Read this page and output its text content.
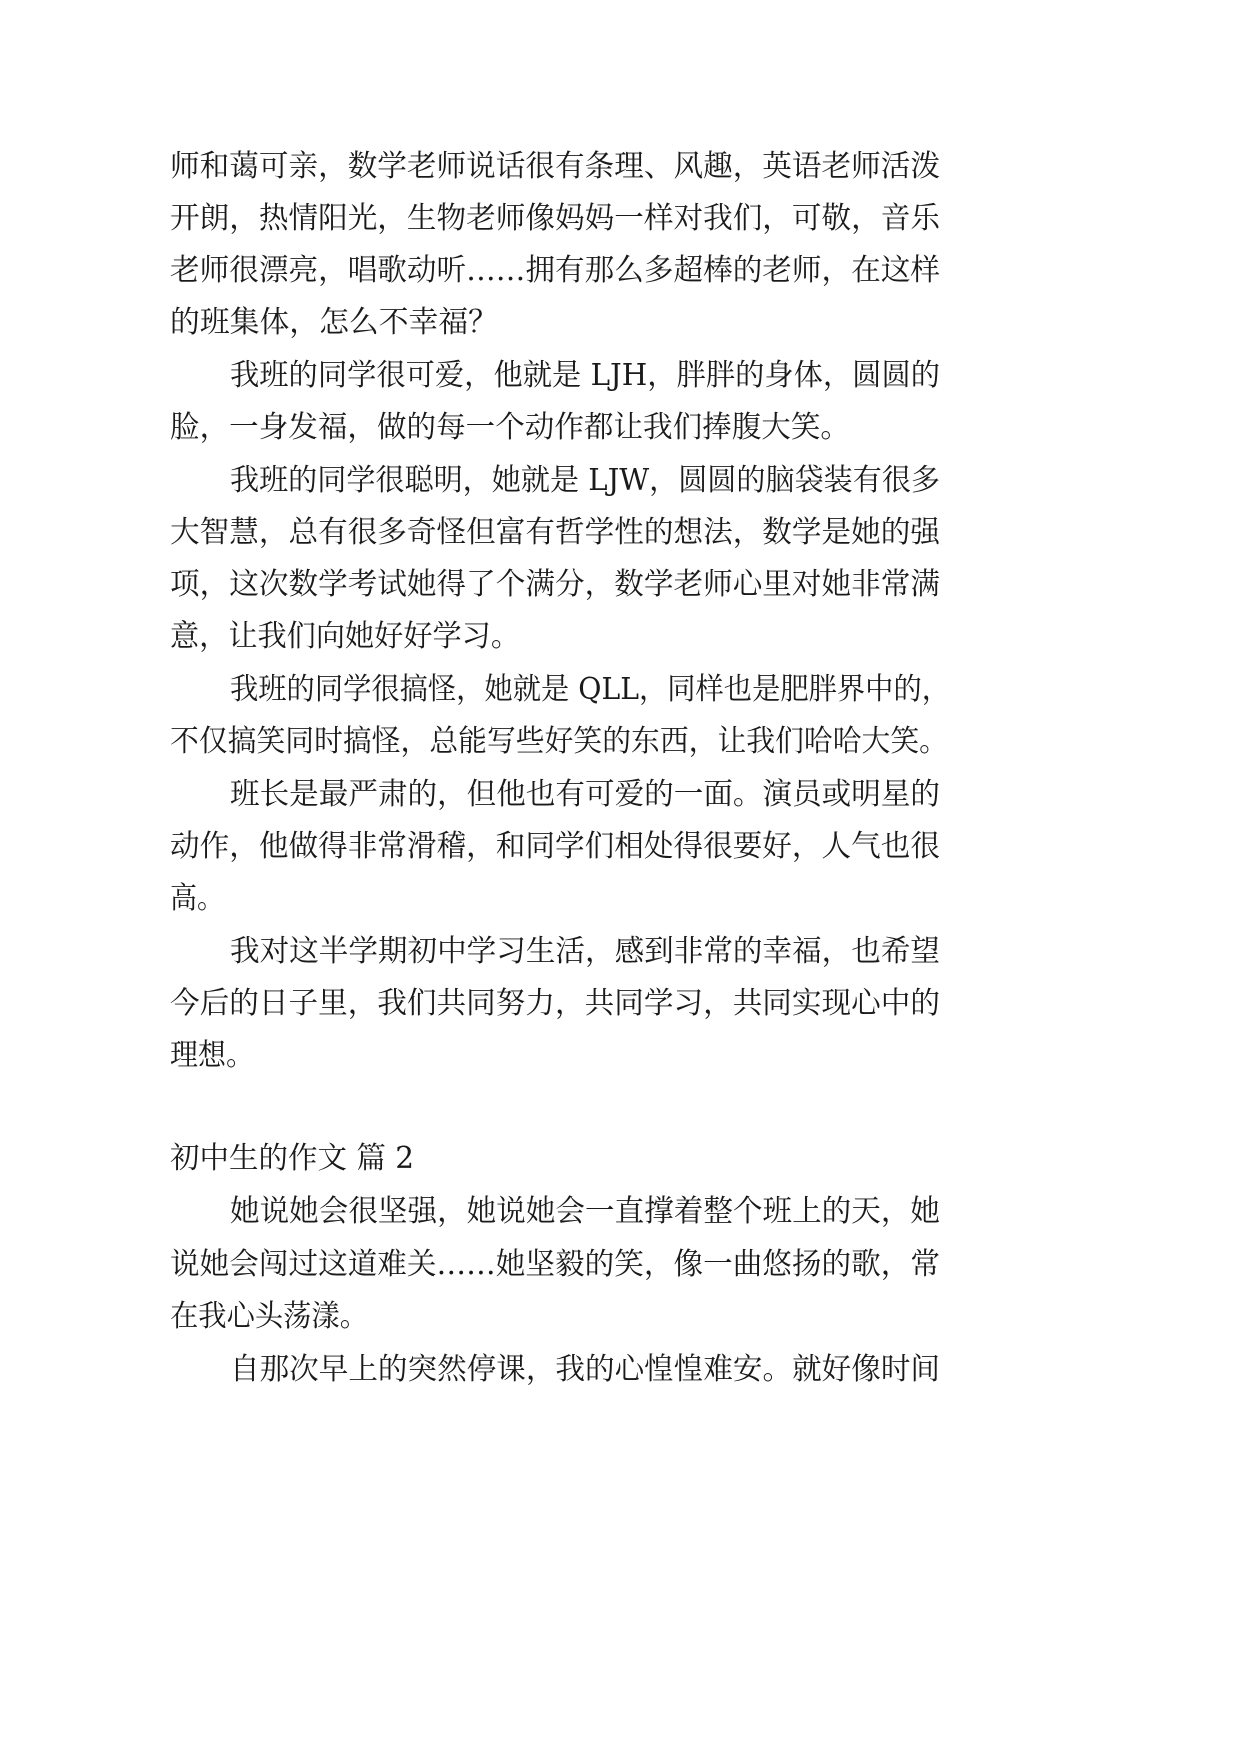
师和蔼可亲，数学老师说话很有条理、风趣，英语老师活泼
开朗，热情阳光，生物老师像妈妈一样对我们，可敬，音乐
老师很漂亮，唱歌动听……拥有那么多超棒的老师，在这样
的班集体，怎么不幸福？
我班的同学很可爱，他就是 LJH，胖胖的身体，圆圆的
脸，一身发福，做的每一个动作都让我们捧腹大笑。
我班的同学很聪明，她就是 LJW，圆圆的脑袋装有很多
大智慧，总有很多奇怪但富有哲学性的想法，数学是她的强
项，这次数学考试她得了个满分，数学老师心里对她非常满
意，让我们向她好好学习。
我班的同学很搞怪，她就是 QLL，同样也是肥胖界中的，
不仅搞笑同时搞怪，总能写些好笑的东西，让我们哈哈大笑。
班长是最严肃的，但他也有可爱的一面。演员或明星的
动作，他做得非常滑稽，和同学们相处得很要好，人气也很
高。
我对这半学期初中学习生活，感到非常的幸福，也希望
今后的日子里，我们共同努力，共同学习，共同实现心中的
理想。
初中生的作文 篇 2
她说她会很坚强，她说她会一直撑着整个班上的天，她
说她会闯过这道难关……她坚毅的笑，像一曲悠扬的歌，常
在我心头荡漾。
自那次早上的突然停课，我的心惶惶难安。就好像时间
